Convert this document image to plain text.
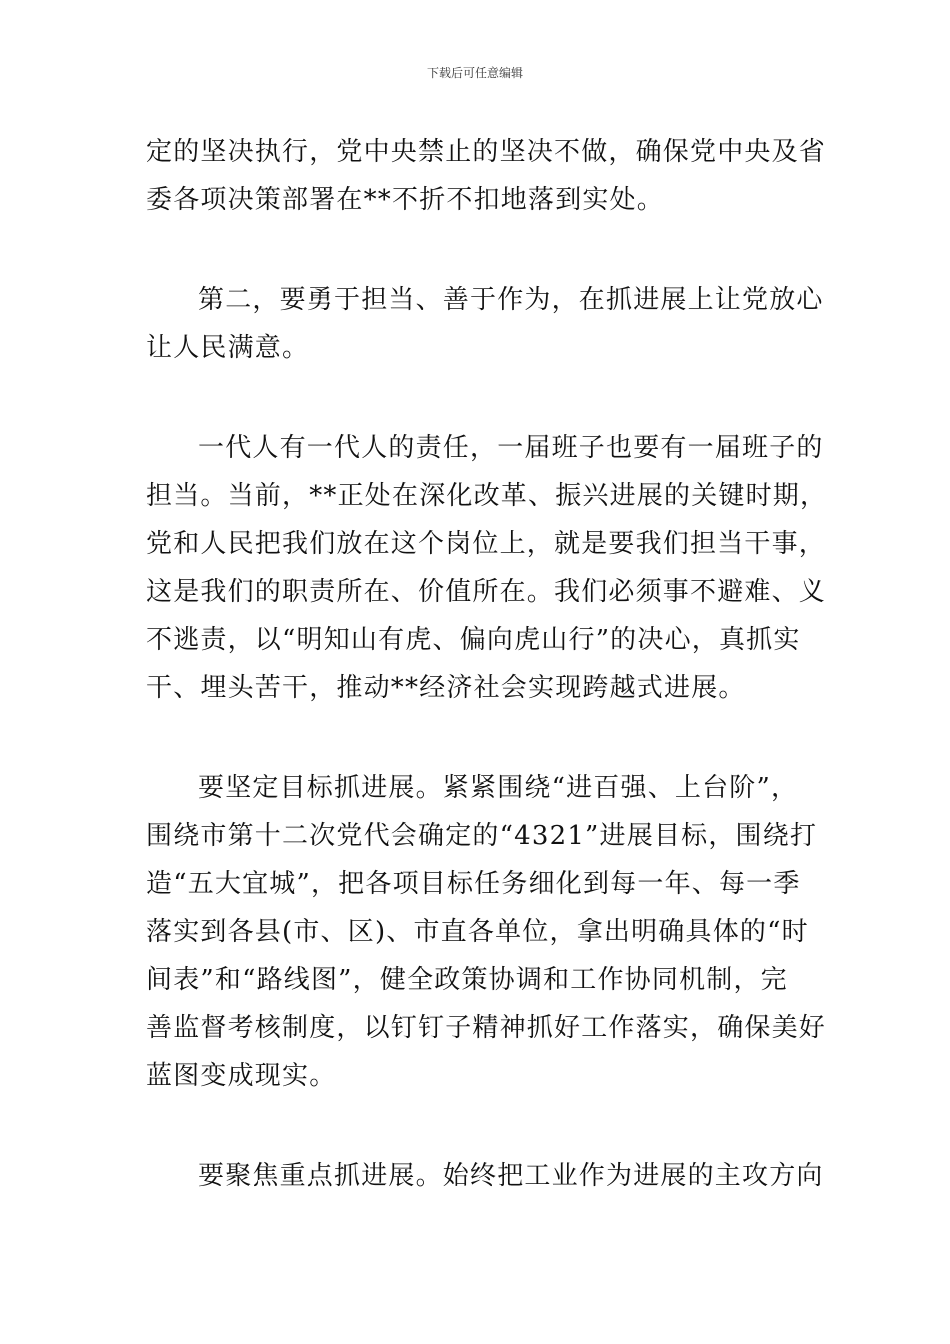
下载后可任意编辑

定的坚决执行，党中央禁止的坚决不做，确保党中央及省
委各项决策部署在**不折不扣地落到实处。

第二，要勇于担当、善于作为，在抓进展上让党放心
让人民满意。

一代人有一代人的责任，一届班子也要有一届班子的
担当。当前，**正处在深化改革、振兴进展的关键时期，
党和人民把我们放在这个岗位上，就是要我们担当干事，
这是我们的职责所在、价值所在。我们必须事不避难、义
不逃责，以“明知山有虎、偏向虎山行”的决心，真抓实
干、埋头苦干，推动**经济社会实现跨越式进展。

要坚定目标抓进展。紧紧围绕“进百强、上台阶”，
围绕市第十二次党代会确定的“4321”进展目标，围绕打
造“五大宜城”，把各项目标任务细化到每一年、每一季
落实到各县(市、区)、市直各单位，拿出明确具体的“时
间表”和“路线图”，健全政策协调和工作协同机制，完
善监督考核制度，以钉钉子精神抓好工作落实，确保美好
蓝图变成现实。

要聚焦重点抓进展。始终把工业作为进展的主攻方向
